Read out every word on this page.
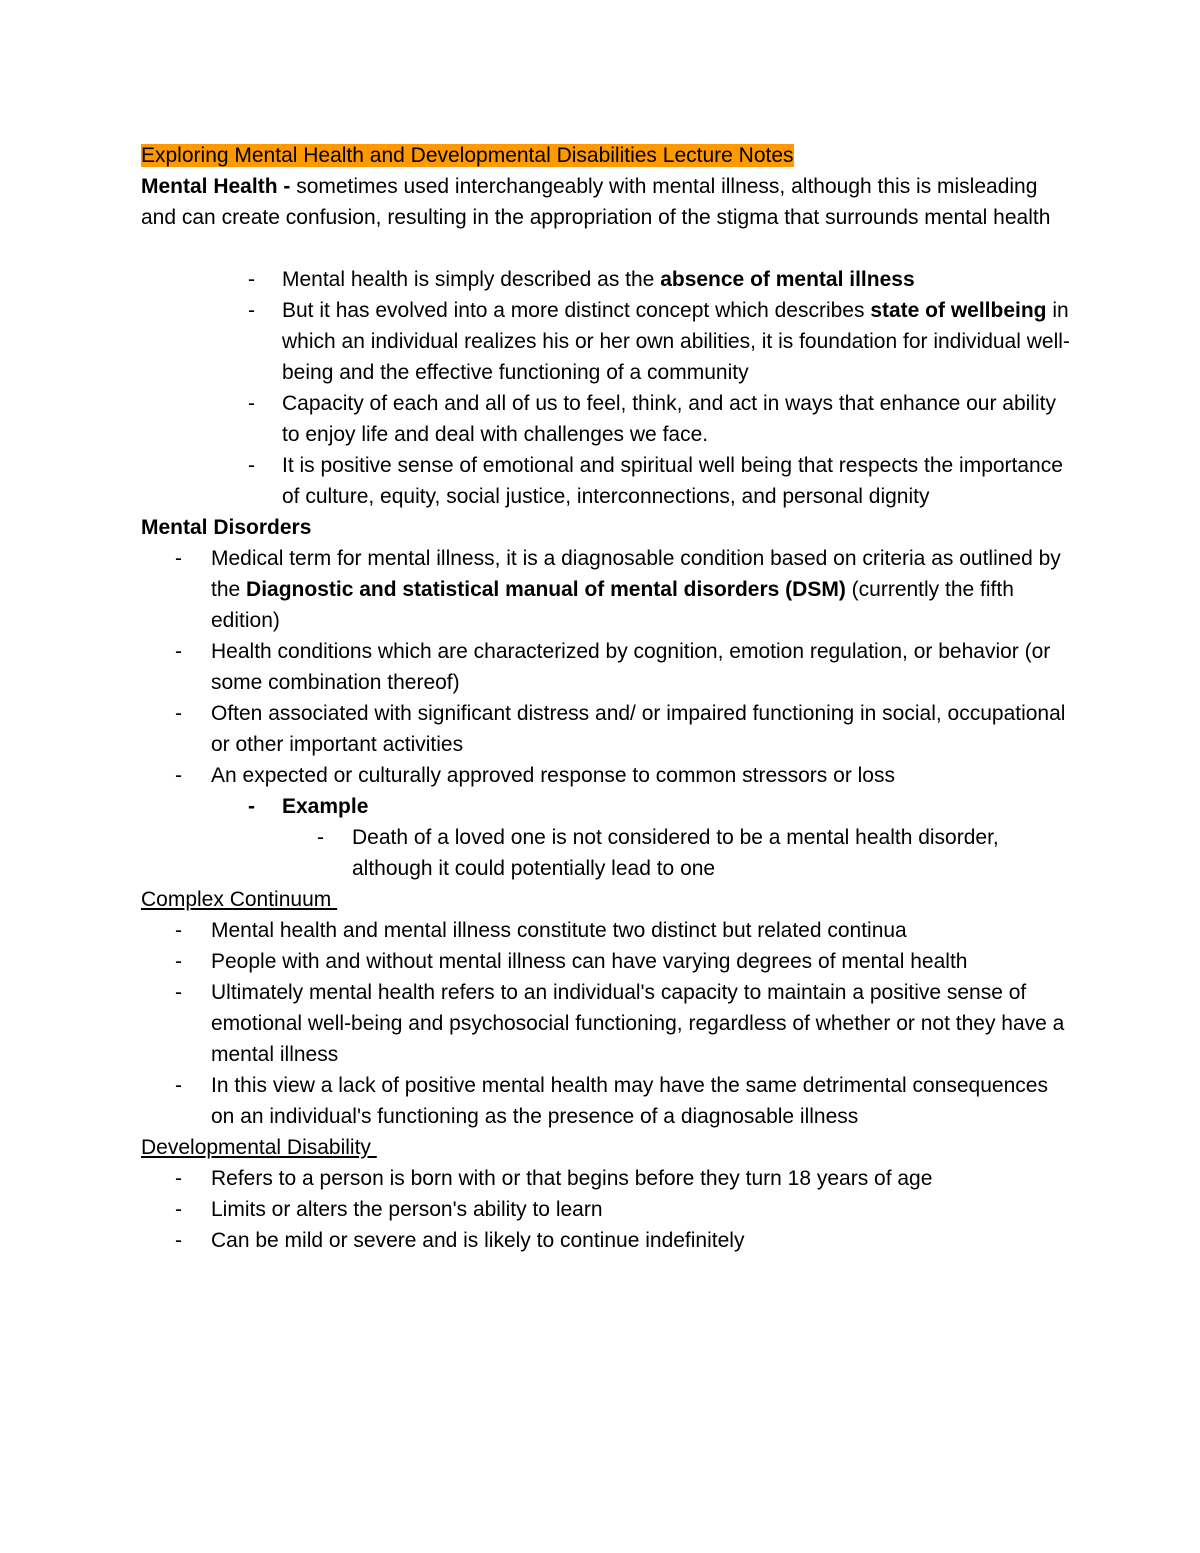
Exploring Mental Health and Developmental Disabilities Lecture Notes
Mental Health - sometimes used interchangeably with mental illness, although this is misleading and can create confusion, resulting in the appropriation of the stigma that surrounds mental health
- Mental health is simply described as the absence of mental illness
- But it has evolved into a more distinct concept which describes state of wellbeing in which an individual realizes his or her own abilities, it is foundation for individual well-being and the effective functioning of a community
- Capacity of each and all of us to feel, think, and act in ways that enhance our ability to enjoy life and deal with challenges we face.
- It is positive sense of emotional and spiritual well being that respects the importance of culture, equity, social justice, interconnections, and personal dignity
Mental Disorders
- Medical term for mental illness, it is a diagnosable condition based on criteria as outlined by the Diagnostic and statistical manual of mental disorders (DSM) (currently the fifth edition)
- Health conditions which are characterized by cognition, emotion regulation, or behavior (or some combination thereof)
- Often associated with significant distress and/ or impaired functioning in social, occupational or other important activities
- An expected or culturally approved response to common stressors or loss
- Example
- Death of a loved one is not considered to be a mental health disorder, although it could potentially lead to one
Complex Continuum
- Mental health and mental illness constitute two distinct but related continua
- People with and without mental illness can have varying degrees of mental health
- Ultimately mental health refers to an individual's capacity to maintain a positive sense of emotional well-being and psychosocial functioning, regardless of whether or not they have a mental illness
- In this view a lack of positive mental health may have the same detrimental consequences on an individual's functioning as the presence of a diagnosable illness
Developmental Disability
- Refers to a person is born with or that begins before they turn 18 years of age
- Limits or alters the person's ability to learn
- Can be mild or severe and is likely to continue indefinitely
